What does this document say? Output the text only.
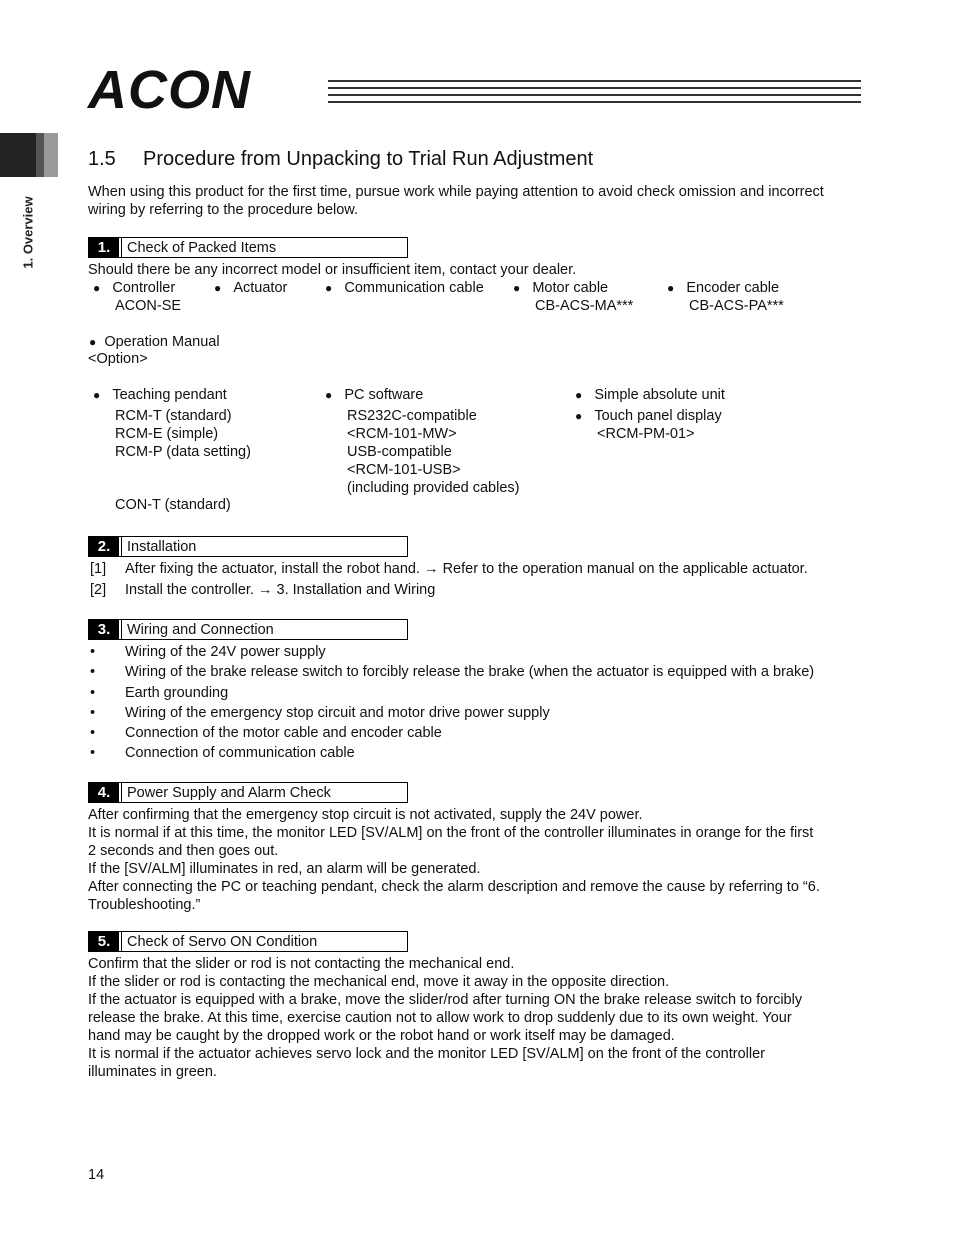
ACON
1. Overview
1.5 Procedure from Unpacking to Trial Run Adjustment
When using this product for the first time, pursue work while paying attention to avoid check omission and incorrect wiring by referring to the procedure below.
1.	Check of Packed Items
Should there be any incorrect model or insufficient item, contact your dealer.
● Controller
ACON-SE
● Actuator	● Communication cable ● Motor cable
CB-ACS-MA***
● Encoder cable
CB-ACS-PA***
● Operation Manual
<Option>
● Teaching pendant
RCM-T (standard)
RCM-E (simple)
RCM-P (data setting)
CON-T (standard)
● PC software
RS232C-compatible
<RCM-101-MW>
USB-compatible
<RCM-101-USB>
(including provided cables)
● Simple absolute unit
● Touch panel display
<RCM-PM-01>
2.	Installation
[1] After fixing the actuator, install the robot hand. → Refer to the operation manual on the applicable actuator.
[2] Install the controller. → 3. Installation and Wiring
3.	Wiring and Connection
• Wiring of the 24V power supply
• Wiring of the brake release switch to forcibly release the brake (when the actuator is equipped with a brake)
• Earth grounding
• Wiring of the emergency stop circuit and motor drive power supply
• Connection of the motor cable and encoder cable
• Connection of communication cable
4.	Power Supply and Alarm Check
After confirming that the emergency stop circuit is not activated, supply the 24V power.
It is normal if at this time, the monitor LED [SV/ALM] on the front of the controller illuminates in orange for the first
2 seconds and then goes out.
If the [SV/ALM] illuminates in red, an alarm will be generated.
After connecting the PC or teaching pendant, check the alarm description and remove the cause by referring to “6.
Troubleshooting.”
5.	Check of Servo ON Condition
Confirm that the slider or rod is not contacting the mechanical end.
If the slider or rod is contacting the mechanical end, move it away in the opposite direction.
If the actuator is equipped with a brake, move the slider/rod after turning ON the brake release switch to forcibly
release the brake. At this time, exercise caution not to allow work to drop suddenly due to its own weight. Your
hand may be caught by the dropped work or the robot hand or work itself may be damaged.
It is normal if the actuator achieves servo lock and the monitor LED [SV/ALM] on the front of the controller
illuminates in green.
14
